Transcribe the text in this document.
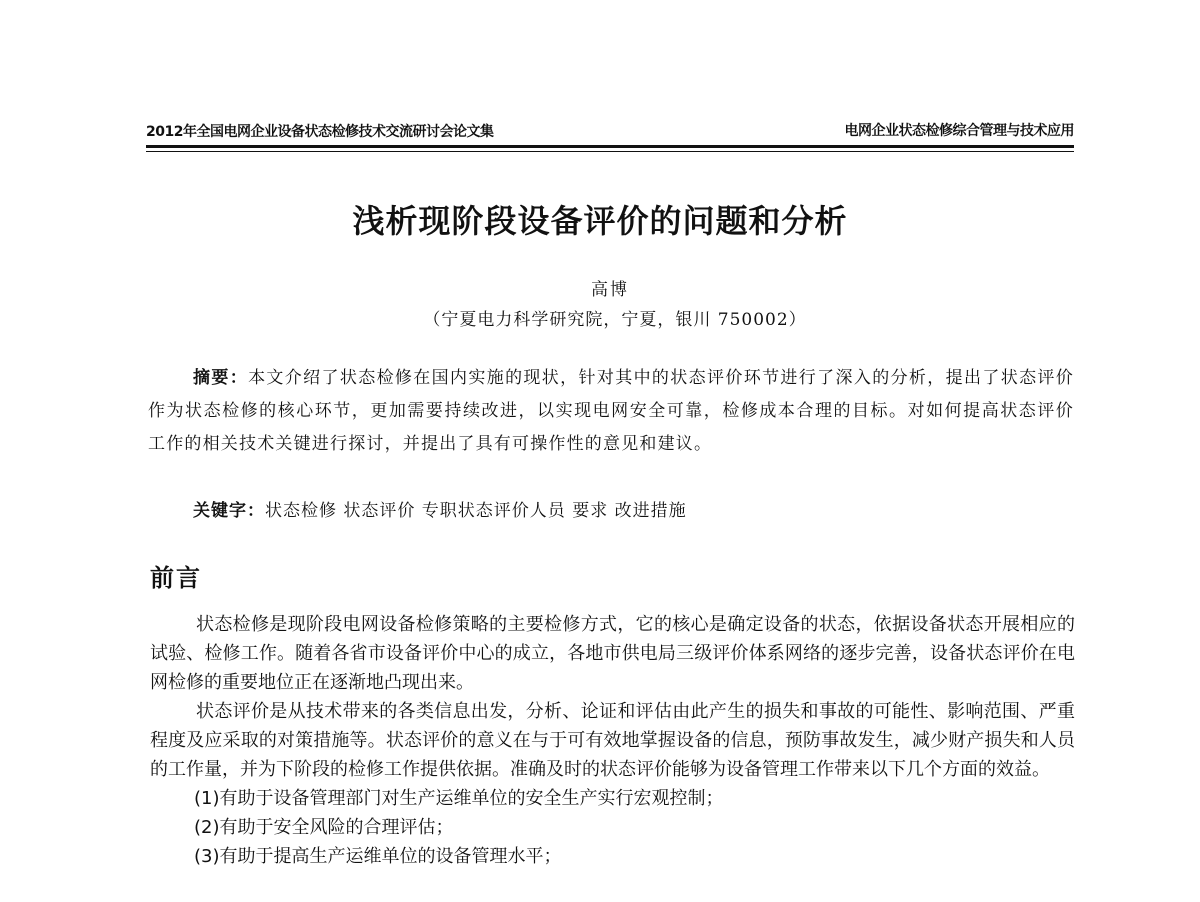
2012年全国电网企业设备状态检修技术交流研讨会论文集	电网企业状态检修综合管理与技术应用
浅析现阶段设备评价的问题和分析
高博
（宁夏电力科学研究院，宁夏，银川 750002）
摘要：本文介绍了状态检修在国内实施的现状，针对其中的状态评价环节进行了深入的分析，提出了状态评价作为状态检修的核心环节，更加需要持续改进，以实现电网安全可靠，检修成本合理的目标。对如何提高状态评价工作的相关技术关键进行探讨，并提出了具有可操作性的意见和建议。
关键字：状态检修 状态评价 专职状态评价人员 要求 改进措施
前言

状态检修是现阶段电网设备检修策略的主要检修方式，它的核心是确定设备的状态，依据设备状态开展相应的试验、检修工作。随着各省市设备评价中心的成立，各地市供电局三级评价体系网络的逐步完善，设备状态评价在电网检修的重要地位正在逐渐地凸现出来。

状态评价是从技术带来的各类信息出发，分析、论证和评估由此产生的损失和事故的可能性、影响范围、严重程度及应采取的对策措施等。状态评价的意义在与于可有效地掌握设备的信息，预防事故发生，减少财产损失和人员的工作量，并为下阶段的检修工作提供依据。准确及时的状态评价能够为设备管理工作带来以下几个方面的效益。

(1)有助于设备管理部门对生产运维单位的安全生产实行宏观控制；
(2)有助于安全风险的合理评估；
(3)有助于提高生产运维单位的设备管理水平；
